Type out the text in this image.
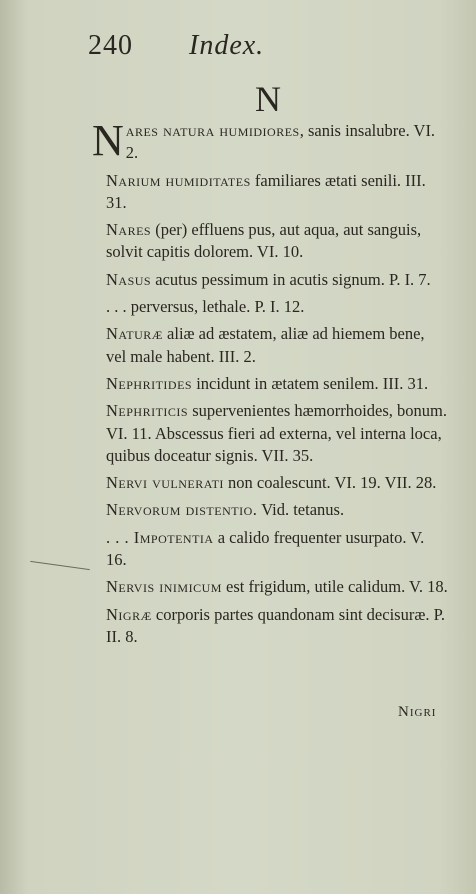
240 Index.
N
Nares natura humidiores, sanis insalubre. VI. 2.
Narium humiditates familiares ætati senili. III. 31.
Nares (per) effluens pus, aut aqua, aut sanguis, solvit capitis dolorem. VI. 10.
Nasus acutus pessimum in acutis signum. P. I. 7.
. . . perversus, lethale. P. I. 12.
Naturæ aliæ ad æstatem, aliæ ad hiemem bene, vel male habent. III. 2.
Nephritides incidunt in ætatem senilem. III. 31.
Nephriticis supervenientes hæmorrhoides, bonum. VI. 11. Abscessus fieri ad externa, vel interna loca, quibus doceatur signis. VII. 35.
Nervi vulnerati non coalescunt. VI. 19. VII. 28.
Nervorum distentio. Vid. tetanus.
. . . Impotentia a calido frequenter usurpato. V. 16.
Nervis inimicum est frigidum, utile calidum. V. 18.
Nigræ corporis partes quandonam sint decisuræ. P. II. 8.
Nigri
